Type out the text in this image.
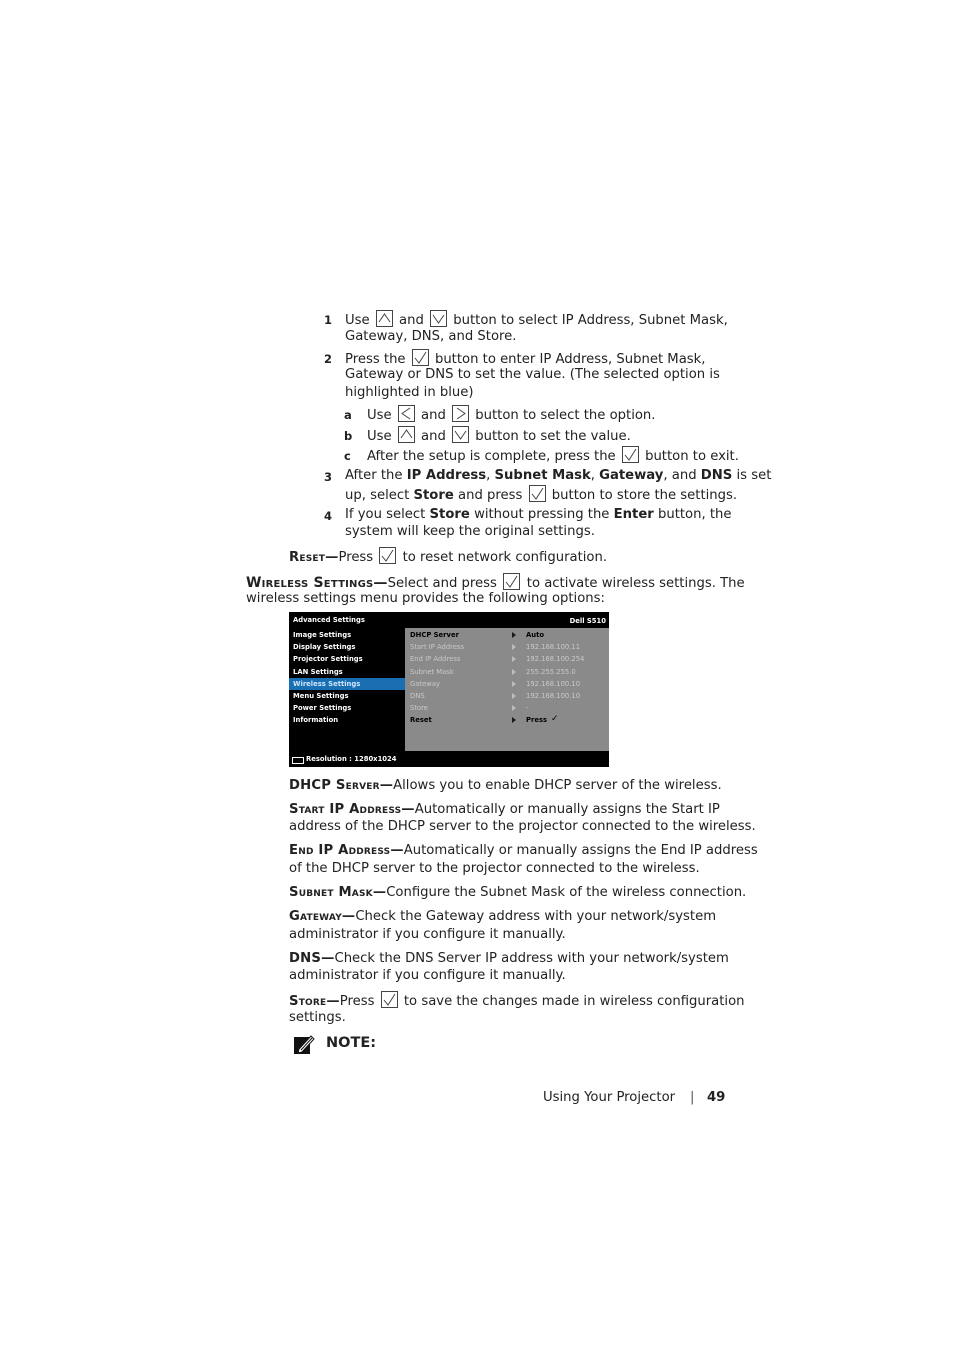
1 Use and button to select IP Address, Subnet Mask,
Gateway, DNS, and Store.
2 Press the button to enter IP Address, Subnet Mask,
Gateway or DNS to set the value. (The selected option is
highlighted in blue)
a Use and button to select the option.
b Use and button to set the value.
c After the setup is complete, press the button to exit.
3 After the IP Address, Subnet Mask, Gateway, and DNS is set
up, select Store and press button to store the settings.
4 If you select Store without pressing the Enter button, the
system will keep the original settings.
Reset—Press to reset network configuration.
Wireless Settings—Select and press to activate wireless settings. The
wireless settings menu provides the following options:
Advanced Settings	Dell S510
Image Settings
Display Settings
Projector Settings
LAN Settings
Wireless Settings
Menu Settings
Power Settings
Information
DHCP Server	Auto
Start IP Address	192.168.100.11
End IP Address	192.168.100.254
Subnet Mask	255.255.255.0
Gateway	192.168.100.10
DNS	192.168.100.10
Store	-
Reset	Press ✓
Resolution : 1280x1024
DHCP Server—Allows you to enable DHCP server of the wireless.
Start IP Address—Automatically or manually assigns the Start IP
address of the DHCP server to the projector connected to the wireless.
End IP Address—Automatically or manually assigns the End IP address
of the DHCP server to the projector connected to the wireless.
Subnet Mask—Configure the Subnet Mask of the wireless connection.
Gateway—Check the Gateway address with your network/system
administrator if you configure it manually.
DNS—Check the DNS Server IP address with your network/system
administrator if you configure it manually.
Store—Press to save the changes made in wireless configuration
settings.
NOTE:
Using Your Projector | 49
